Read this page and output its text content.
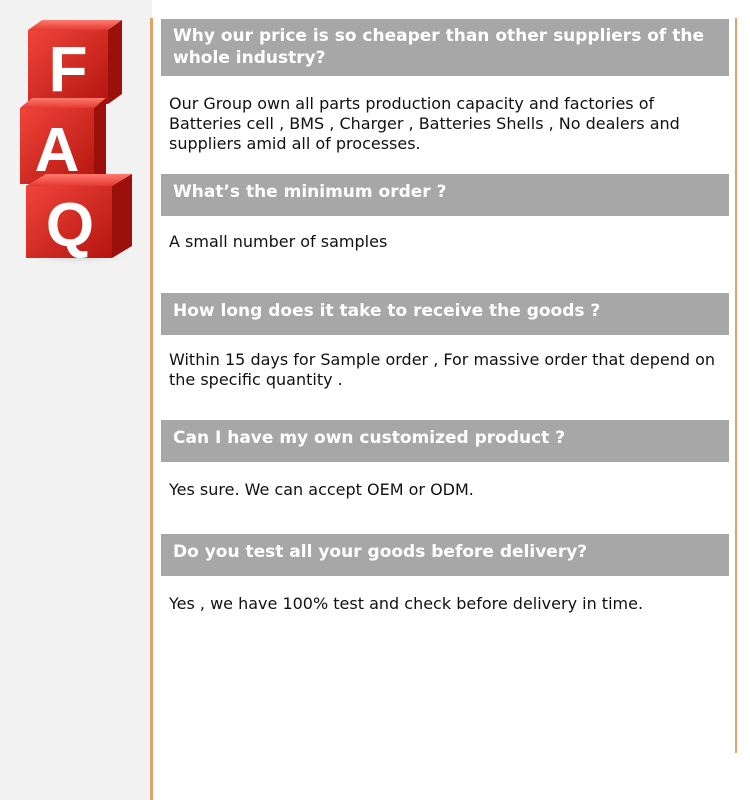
F
A
Q
Why our price is so cheaper than other suppliers of the whole industry?
Our Group own all parts production capacity and factories of Batteries cell , BMS , Charger , Batteries Shells , No dealers and suppliers amid all of processes.
What’s the minimum order ?
A small number of samples
How long does it take to receive the goods ?
Within 15 days for Sample order , For massive order that depend on the specific quantity .
Can I have my own customized product ?
Yes sure. We can accept OEM or ODM.
Do you test all your goods before delivery?
Yes , we have 100% test and check before delivery in time.
